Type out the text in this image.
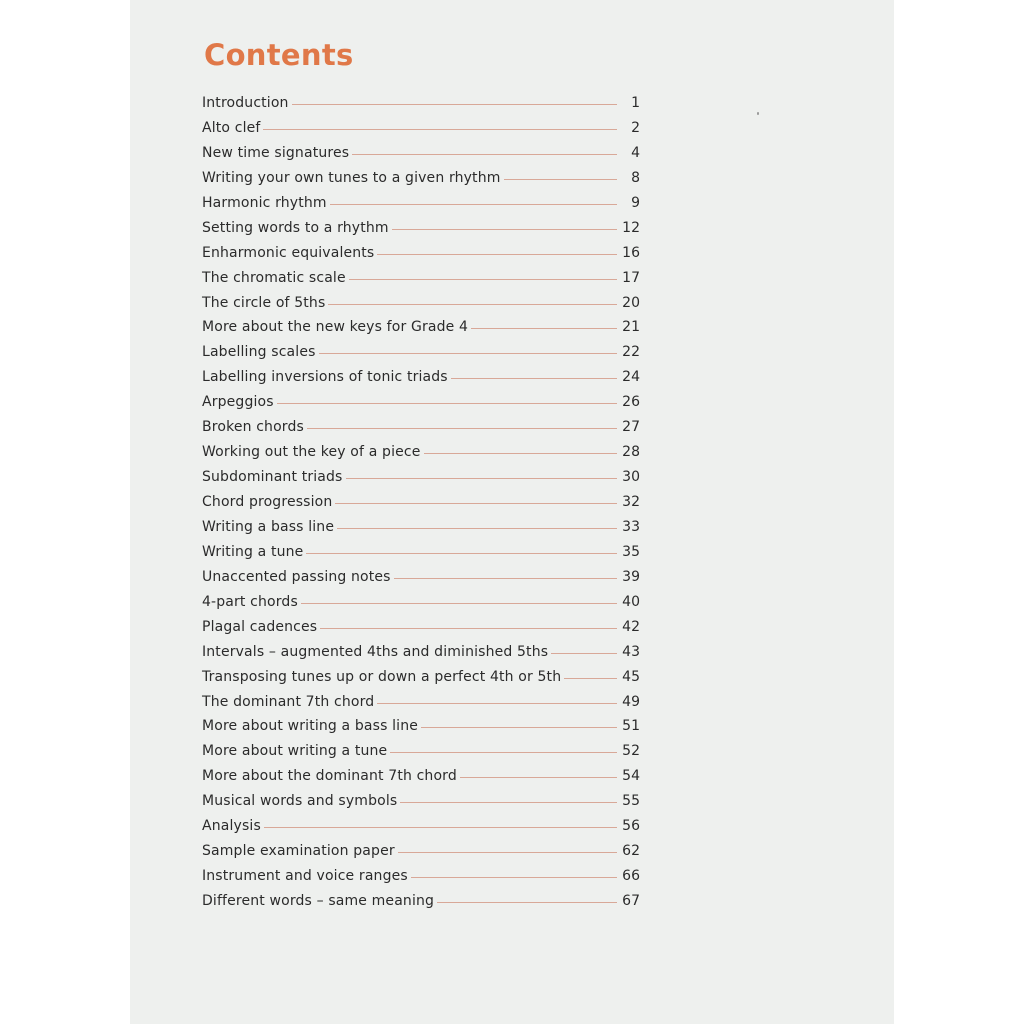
Contents
Introduction	1
Alto clef	2
New time signatures	4
Writing your own tunes to a given rhythm	8
Harmonic rhythm	9
Setting words to a rhythm	12
Enharmonic equivalents	16
The chromatic scale	17
The circle of 5ths	20
More about the new keys for Grade 4	21
Labelling scales	22
Labelling inversions of tonic triads	24
Arpeggios	26
Broken chords	27
Working out the key of a piece	28
Subdominant triads	30
Chord progression	32
Writing a bass line	33
Writing a tune	35
Unaccented passing notes	39
4-part chords	40
Plagal cadences	42
Intervals – augmented 4ths and diminished 5ths	43
Transposing tunes up or down a perfect 4th or 5th	45
The dominant 7th chord	49
More about writing a bass line	51
More about writing a tune	52
More about the dominant 7th chord	54
Musical words and symbols	55
Analysis	56
Sample examination paper	62
Instrument and voice ranges	66
Different words – same meaning	67
